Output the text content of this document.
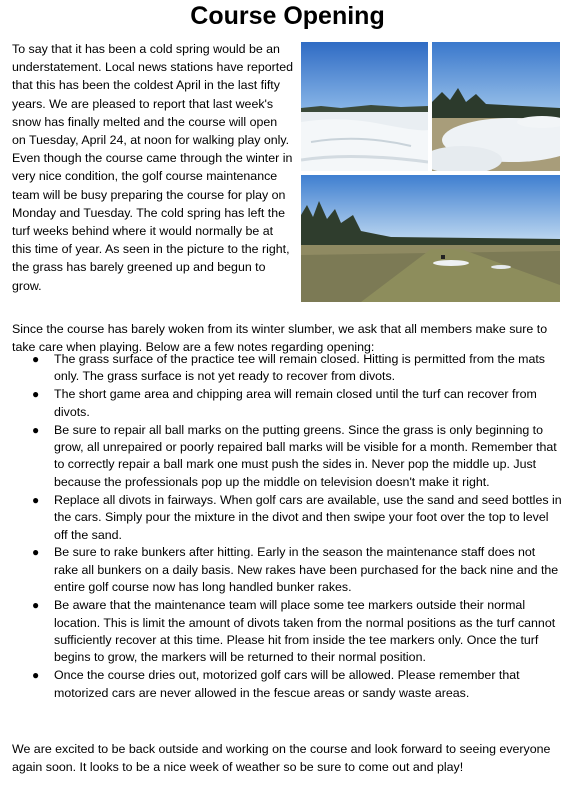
Course Opening

To say that it has been a cold spring would be an understatement. Local news stations have reported that this has been the coldest April in the last fifty years. We are pleased to report that last week's snow has finally melted and the course will open on Tuesday, April 24, at noon for walking play only. Even though the course came through the winter in very nice condition, the golf course maintenance team will be busy preparing the course for play on Monday and Tuesday. The cold spring has left the turf weeks behind where it would normally be at this time of year. As seen in the picture to the right, the grass has barely greened up and begun to grow.

Since the course has barely woken from its winter slumber, we ask that all members make sure to take care when playing. Below are a few notes regarding opening:

● The grass surface of the practice tee will remain closed. Hitting is permitted from the mats only. The grass surface is not yet ready to recover from divots.
● The short game area and chipping area will remain closed until the turf can recover from divots.
● Be sure to repair all ball marks on the putting greens. Since the grass is only beginning to grow, all unrepaired or poorly repaired ball marks will be visible for a month. Remember that to correctly repair a ball mark one must push the sides in. Never pop the middle up. Just because the professionals pop up the middle on television doesn't make it right.
● Replace all divots in fairways. When golf cars are available, use the sand and seed bottles in the cars. Simply pour the mixture in the divot and then swipe your foot over the top to level off the sand.
● Be sure to rake bunkers after hitting. Early in the season the maintenance staff does not rake all bunkers on a daily basis. New rakes have been purchased for the back nine and the entire golf course now has long handled bunker rakes.
● Be aware that the maintenance team will place some tee markers outside their normal location. This is limit the amount of divots taken from the normal positions as the turf cannot sufficiently recover at this time. Please hit from inside the tee markers only. Once the turf begins to grow, the markers will be returned to their normal position.
● Once the course dries out, motorized golf cars will be allowed. Please remember that motorized cars are never allowed in the fescue areas or sandy waste areas.

We are excited to be back outside and working on the course and look forward to seeing everyone again soon. It looks to be a nice week of weather so be sure to come out and play!
